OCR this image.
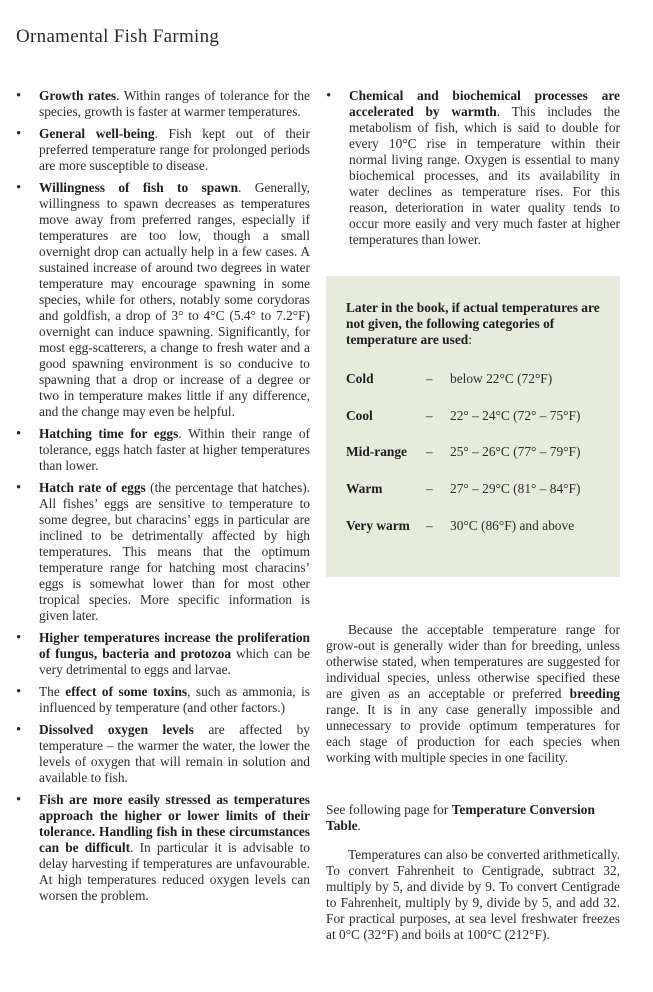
Ornamental Fish Farming
• Growth rates. Within ranges of tolerance for the species, growth is faster at warmer temperatures.
• General well-being. Fish kept out of their preferred temperature range for prolonged periods are more susceptible to disease.
• Willingness of fish to spawn. Generally, willingness to spawn decreases as temperatures move away from preferred ranges, especially if temperatures are too low, though a small overnight drop can actually help in a few cases. A sustained increase of around two degrees in water temperature may encourage spawning in some species, while for others, notably some corydoras and goldfish, a drop of 3° to 4°C (5.4° to 7.2°F) overnight can induce spawning. Significantly, for most egg-scatterers, a change to fresh water and a good spawning environment is so conducive to spawning that a drop or increase of a degree or two in temperature makes little if any difference, and the change may even be helpful.
• Hatching time for eggs. Within their range of tolerance, eggs hatch faster at higher temperatures than lower.
• Hatch rate of eggs (the percentage that hatches). All fishes’ eggs are sensitive to temperature to some degree, but characins’ eggs in particular are inclined to be detrimentally affected by high temperatures. This means that the optimum temperature range for hatching most characins’ eggs is somewhat lower than for most other tropical species. More specific information is given later.
• Higher temperatures increase the proliferation of fungus, bacteria and protozoa which can be very detrimental to eggs and larvae.
• The effect of some toxins, such as ammonia, is influenced by temperature (and other factors.)
• Dissolved oxygen levels are affected by temperature – the warmer the water, the lower the levels of oxygen that will remain in solution and available to fish.
• Fish are more easily stressed as temperatures approach the higher or lower limits of their tolerance. Handling fish in these circumstances can be difficult. In particular it is advisable to delay harvesting if temperatures are unfavourable. At high temperatures reduced oxygen levels can worsen the problem.
• Chemical and biochemical processes are accelerated by warmth. This includes the metabolism of fish, which is said to double for every 10°C rise in temperature within their normal living range. Oxygen is essential to many biochemical processes, and its availability in water declines as temperature rises. For this reason, deterioration in water quality tends to occur more easily and very much faster at higher temperatures than lower.
Later in the book, if actual temperatures are not given, the following categories of temperature are used:
Cold	– below 22°C (72°F)
Cool	– 22° – 24°C (72° – 75°F)
Mid-range – 25° – 26°C (77° – 79°F)
Warm	– 27° – 29°C (81° – 84°F)
Very warm – 30°C (86°F) and above
Because the acceptable temperature range for grow-out is generally wider than for breeding, unless otherwise stated, when temperatures are suggested for individual species, unless otherwise specified these are given as an acceptable or preferred breeding range. It is in any case generally impossible and unnecessary to provide optimum temperatures for each stage of production for each species when working with multiple species in one facility.
See following page for Temperature Conversion Table.
Temperatures can also be converted arithmetically. To convert Fahrenheit to Centigrade, subtract 32, multiply by 5, and divide by 9. To convert Centigrade to Fahrenheit, multiply by 9, divide by 5, and add 32. For practical purposes, at sea level freshwater freezes at 0°C (32°F) and boils at 100°C (212°F).
